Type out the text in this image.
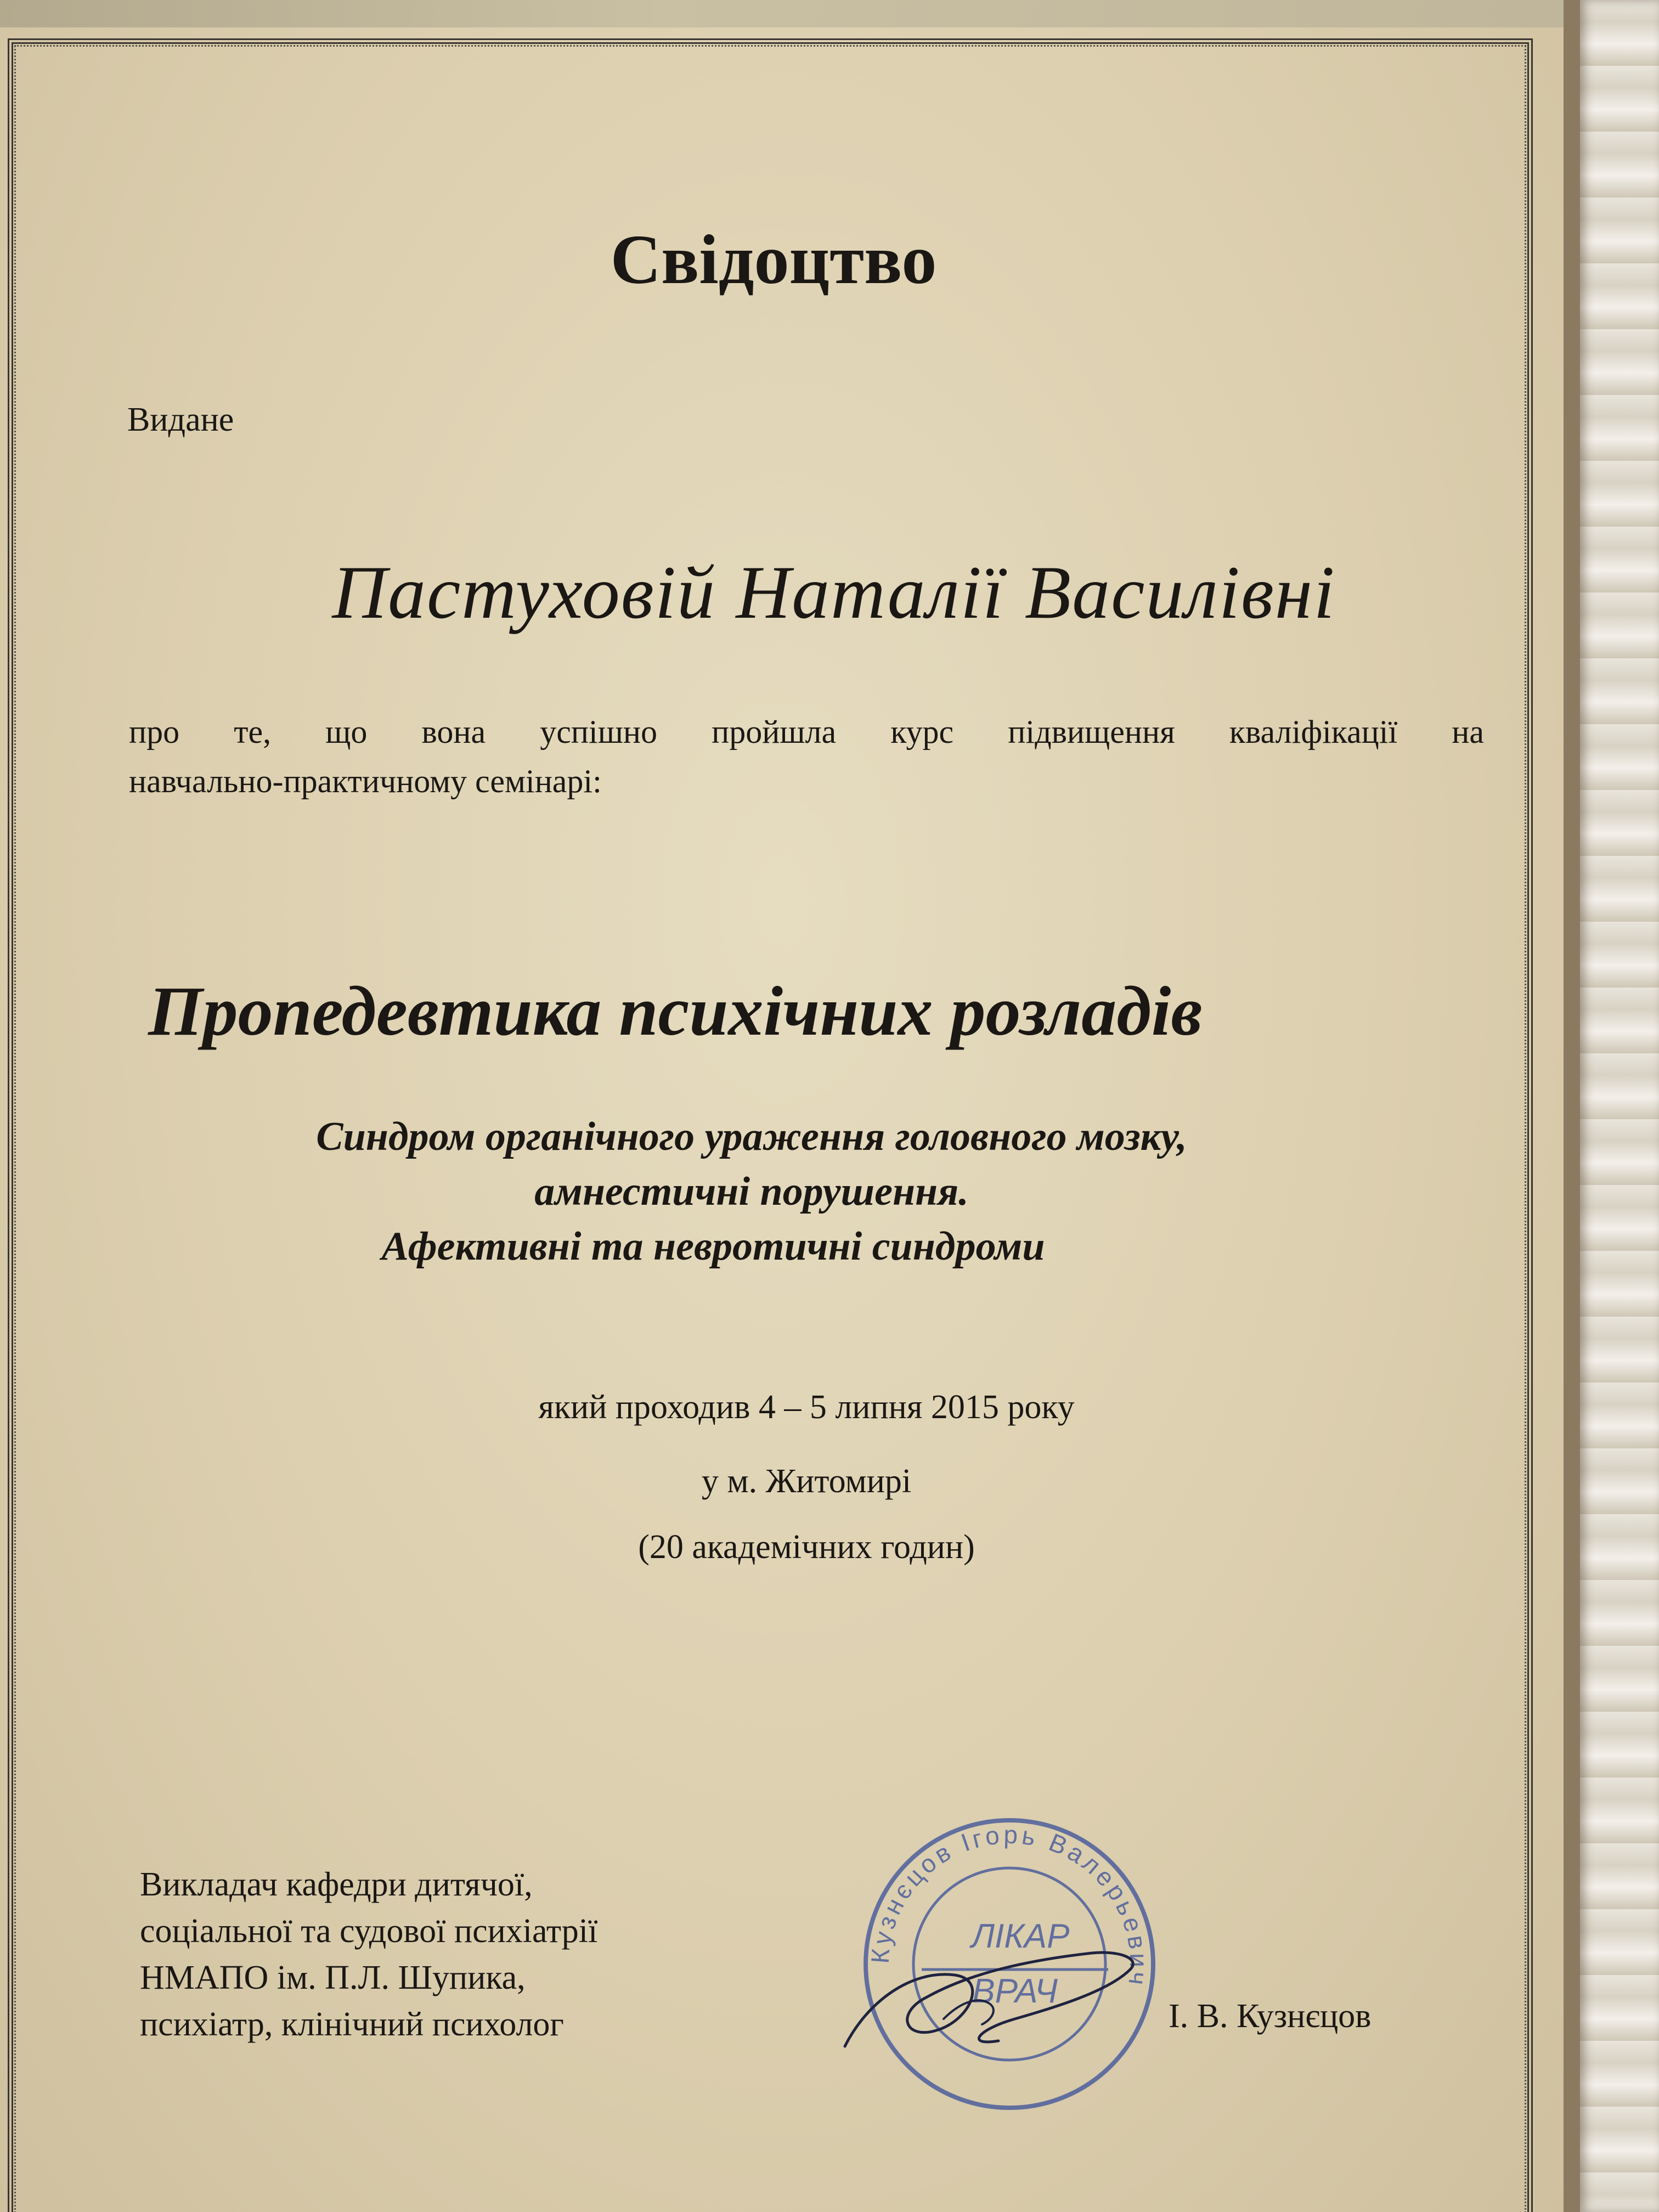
Свідоцтво
Видане
Пастуховій Наталії Василівні
про те, що вона успішно пройшла курс підвищення кваліфікації на
навчально-практичному семінарі:
Пропедевтика психічних розладів
Синдром органічного ураження головного мозку,
амнестичні порушення.
Афективні та невротичні синдроми
який проходив 4 – 5 липня 2015 року
у м. Житомирі
(20 академічних годин)
Викладач кафедри дитячої,
соціальної та судової психіатрії
НМАПО ім. П.Л. Шупика,
психіатр, клінічний психолог	І. В. Кузнєцов
Кузнєцов Ігорь Валерьевич
ЛІКАР
ВРАЧ
